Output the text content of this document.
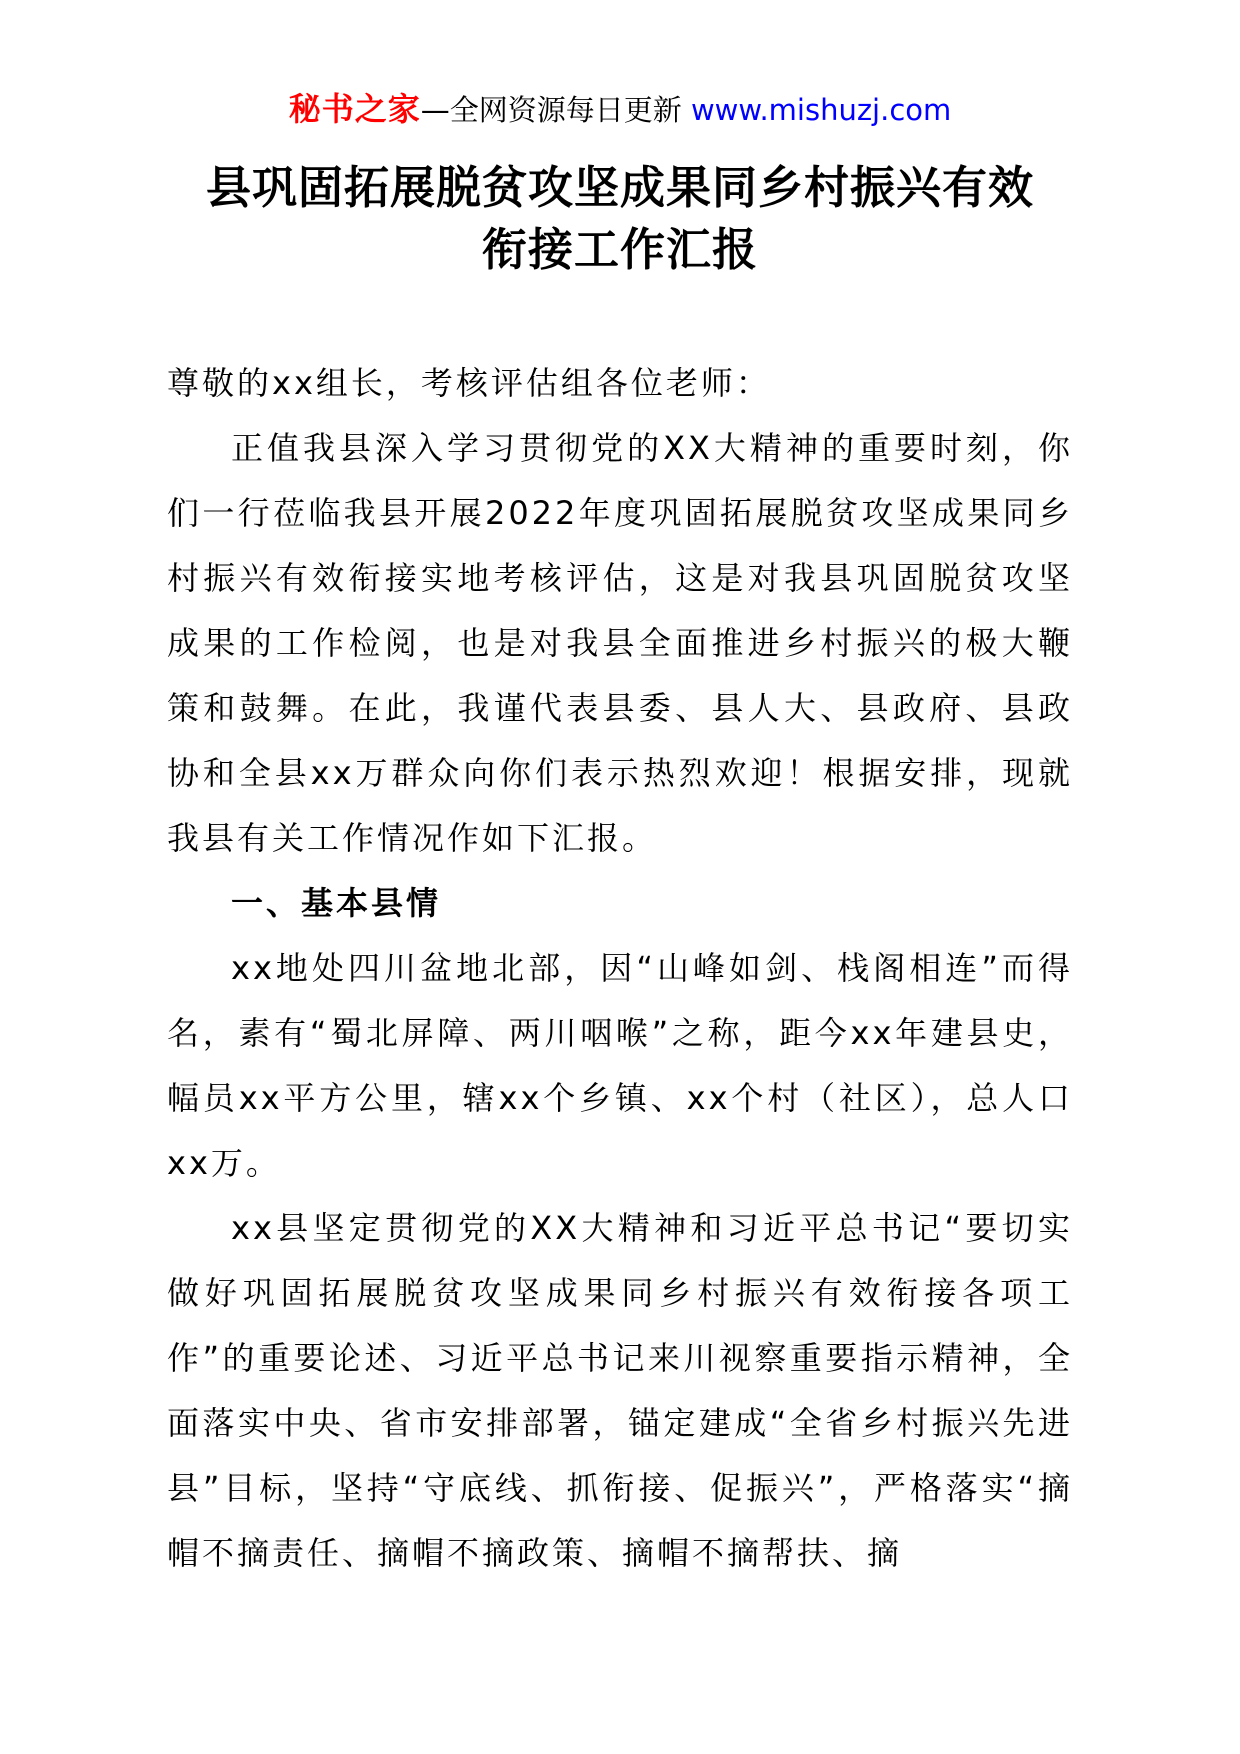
秘书之家—全网资源每日更新 www.mishuzj.com
县巩固拓展脱贫攻坚成果同乡村振兴有效衔接工作汇报

尊敬的xx组长，考核评估组各位老师：

正值我县深入学习贯彻党的XX大精神的重要时刻，你们一行莅临我县开展2022年度巩固拓展脱贫攻坚成果同乡村振兴有效衔接实地考核评估，这是对我县巩固脱贫攻坚成果的工作检阅，也是对我县全面推进乡村振兴的极大鞭策和鼓舞。在此，我谨代表县委、县人大、县政府、县政协和全县xx万群众向你们表示热烈欢迎！根据安排，现就我县有关工作情况作如下汇报。

一、基本县情

xx地处四川盆地北部，因“山峰如剑、栈阁相连”而得名，素有“蜀北屏障、两川咽喉”之称，距今xx年建县史，幅员xx平方公里，辖xx个乡镇、xx个村（社区），总人口xx万。

xx县坚定贯彻党的XX大精神和习近平总书记“要切实做好巩固拓展脱贫攻坚成果同乡村振兴有效衔接各项工作”的重要论述、习近平总书记来川视察重要指示精神，全面落实中央、省市安排部署，锚定建成“全省乡村振兴先进县”目标，坚持“守底线、抓衔接、促振兴”，严格落实“摘帽不摘责任、摘帽不摘政策、摘帽不摘帮扶、摘
